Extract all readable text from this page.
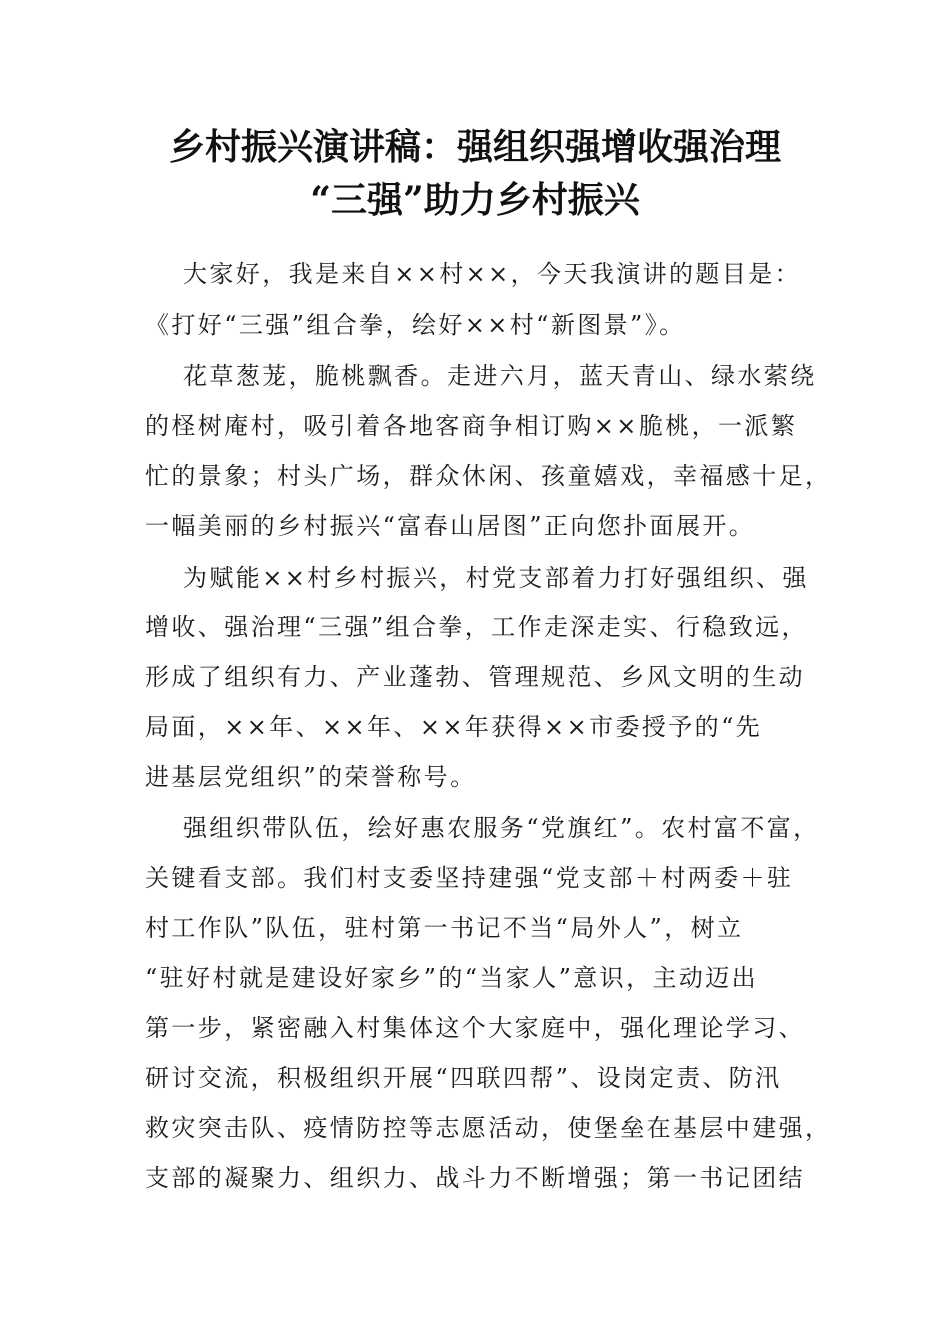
乡村振兴演讲稿：强组织强增收强治理
“三强”助力乡村振兴
大家好，我是来自××村××，今天我演讲的题目是：
《打好“三强”组合拳，绘好××村“新图景”》。
花草葱茏，脆桃飘香。走进六月，蓝天青山、绿水萦绕
的柽树庵村，吸引着各地客商争相订购××脆桃，一派繁
忙的景象；村头广场，群众休闲、孩童嬉戏，幸福感十足，
一幅美丽的乡村振兴“富春山居图”正向您扑面展开。
为赋能××村乡村振兴，村党支部着力打好强组织、强
增收、强治理“三强”组合拳，工作走深走实、行稳致远，
形成了组织有力、产业蓬勃、管理规范、乡风文明的生动
局面，××年、××年、××年获得××市委授予的“先
进基层党组织”的荣誉称号。
强组织带队伍，绘好惠农服务“党旗红”。农村富不富，
关键看支部。我们村支委坚持建强“党支部＋村两委＋驻
村工作队”队伍，驻村第一书记不当“局外人”，树立
“驻好村就是建设好家乡”的“当家人”意识，主动迈出
第一步，紧密融入村集体这个大家庭中，强化理论学习、
研讨交流，积极组织开展“四联四帮”、设岗定责、防汛
救灾突击队、疫情防控等志愿活动，使堡垒在基层中建强，
支部的凝聚力、组织力、战斗力不断增强；第一书记团结
